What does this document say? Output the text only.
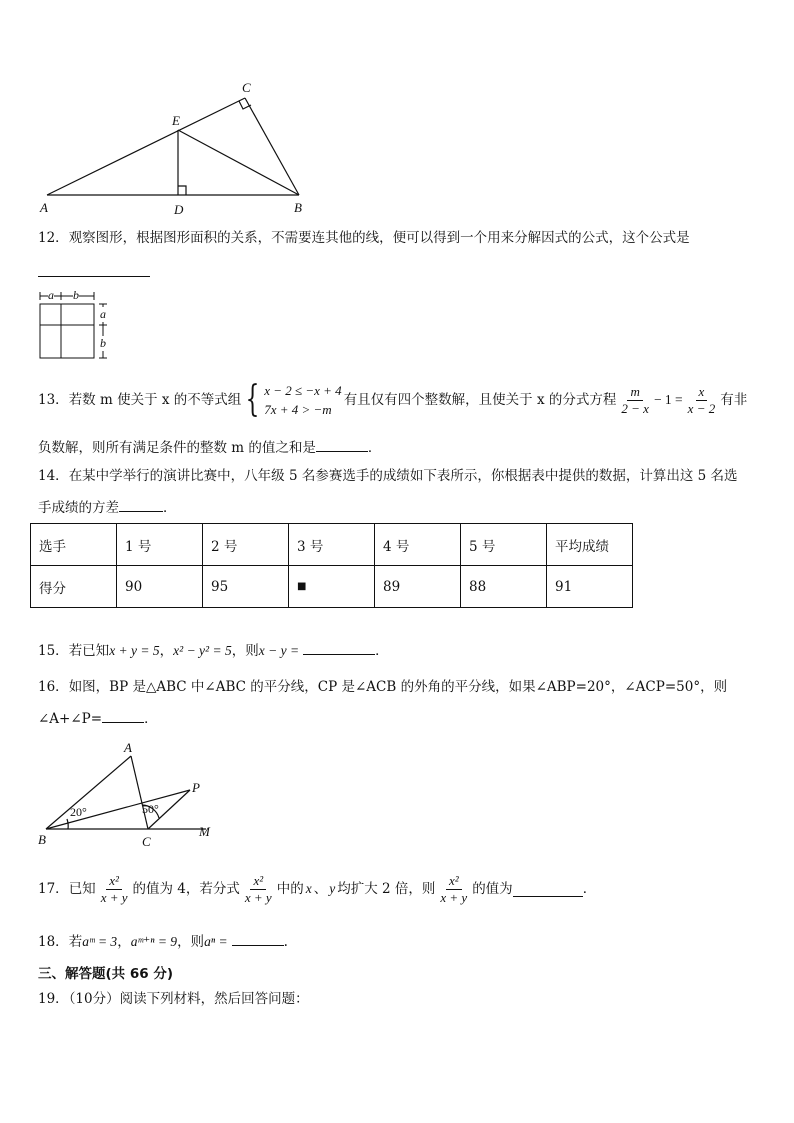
C
E
A	D	B
12．观察图形，根据图形面积的关系，不需要连其他的线，便可以得到一个用来分解因式的公式，这个公式是
a b
a
b
13． 若数 m 使关于 x 的不等式组 { x − 2 ≤ −x + 4
7x + 4 > −m
有且仅有四个整数解，且使关于 x 的分式方程 $\frac{m}{2 - x} - 1 = \frac{x}{x - 2}$ 有非
负数解，则所有满足条件的整数 m 的值之和是	．
14．在某中学举行的演讲比赛中，八年级 5 名参赛选手的成绩如下表所示，你根据表中提供的数据，计算出这 5 名选
手成绩的方差	．
选手	1 号	2 号	3 号	4 号	5 号	平均成绩
得分	90	95	■	89	88	91
15．若已知x + y = 5，x² − y² = 5，则x − y =	．
16．如图，BP 是△ABC 中∠ABC 的平分线，CP 是∠ACB 的外角的平分线，如果∠ABP=20°，∠ACP=50°，则
∠A+∠P=	．
A
P
M
B	C
20°	50°
17． 已知 $\frac{\text{x²}}{x + y}$ 的值为 4，若分式 $\frac{\text{x²}}{x + y}$ 中的 x 、 y 均扩大 2 倍，则 $\frac{\text{x²}}{x + y}$ 的值为	．
18．若aᵐ = 3，aᵐ⁺ⁿ = 9，则aⁿ =	.
三、解答题(共 66 分)
19．（10分）阅读下列材料，然后回答问题：
